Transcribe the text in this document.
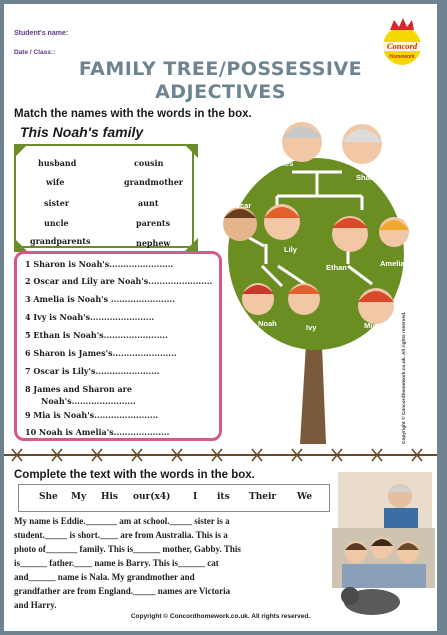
Student's name:
Date / Class::
Concord
Homework
FAMILY TREE/POSSESSIVE
ADJECTIVES
Match the names with the words in the box.
This Noah's family
husband	cousin
wife	grandmother
sister	aunt
uncle	parents
grandparents	nephew
1 Sharon is Noah's.......................
2 Oscar and Lily are Noah's.......................
3 Amelia is Noah's .......................
4 Ivy is Noah's.......................
5 Ethan is Noah's.......................
6 Sharon is James's.......................
7 Oscar is Lily's.......................
8 James and Sharon are
Noah's.......................
9 Mia is Noah's.......................
10 Noah is Amelia's....................
James
Sharon
Oscar
Lily
Ethan	Amelia
Noah	Ivy	Mia	Copyright © Concordhomework.co.uk. All rights reserved.
Complete the text with the words in the box.
She My His our(x4)	I its Their We
My name is Eddie._______ am at school._____ sister is a
student._____ is short.____ are from Australia. This is a
photo of_______ family. This is______ mother, Gabby. This
is______ father.____ name is Barry. This is______ cat
and______ name is Nala. My grandmother and
grandfather are from England._____ names are Victoria
and Harry.
Copyright © Concordhomework.co.uk. All rights reserved.
